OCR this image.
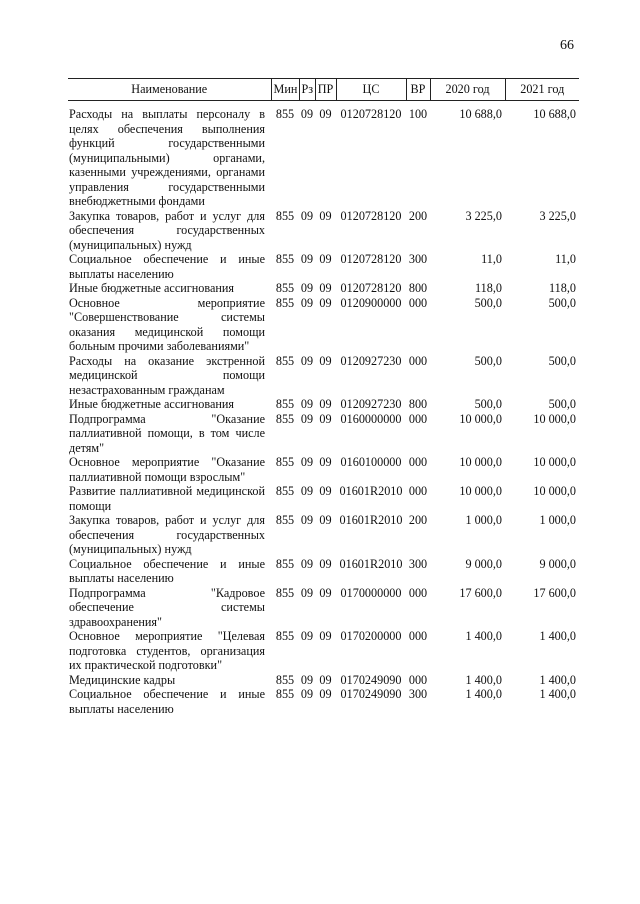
66
Наименование	Мин	Рз	ПР	ЦС	ВР	2020 год	2021 год
Расходы на выплаты персоналу в целях обеспечения выполнения функций государственными (муниципальными) органами, казенными учреждениями, органами управления государственными внебюджетными фондами	855	09	09	0120728120	100	10 688,0	10 688,0
Закупка товаров, работ и услуг для обеспечения государственных (муниципальных) нужд	855	09	09	0120728120	200	3 225,0	3 225,0
Социальное обеспечение и иные выплаты населению	855	09	09	0120728120	300	11,0	11,0
Иные бюджетные ассигнования	855	09	09	0120728120	800	118,0	118,0
Основное мероприятие "Совершенствование системы оказания медицинской помощи больным прочими заболеваниями"	855	09	09	0120900000	000	500,0	500,0
Расходы на оказание экстренной медицинской помощи незастрахованным гражданам	855	09	09	0120927230	000	500,0	500,0
Иные бюджетные ассигнования	855	09	09	0120927230	800	500,0	500,0
Подпрограмма "Оказание паллиативной помощи, в том числе детям"	855	09	09	0160000000	000	10 000,0	10 000,0
Основное мероприятие "Оказание паллиативной помощи взрослым"	855	09	09	0160100000	000	10 000,0	10 000,0
Развитие паллиативной медицинской помощи	855	09	09	01601R2010	000	10 000,0	10 000,0
Закупка товаров, работ и услуг для обеспечения государственных (муниципальных) нужд	855	09	09	01601R2010	200	1 000,0	1 000,0
Социальное обеспечение и иные выплаты населению	855	09	09	01601R2010	300	9 000,0	9 000,0
Подпрограмма "Кадровое обеспечение системы здравоохранения"	855	09	09	0170000000	000	17 600,0	17 600,0
Основное мероприятие "Целевая подготовка студентов, организация их практической подготовки"	855	09	09	0170200000	000	1 400,0	1 400,0
Медицинские кадры	855	09	09	0170249090	000	1 400,0	1 400,0
Социальное обеспечение и иные выплаты населению	855	09	09	0170249090	300	1 400,0	1 400,0
